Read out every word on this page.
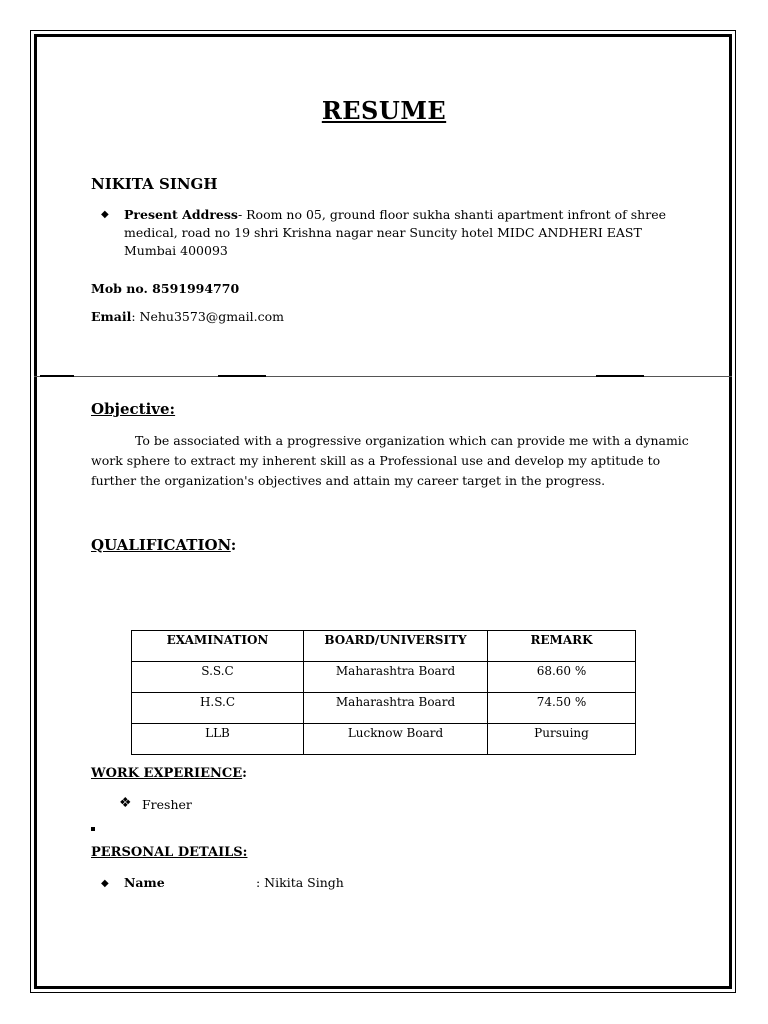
RESUME
NIKITA SINGH
◆ Present Address- Room no 05, ground floor sukha shanti apartment infront of shree medical, road no 19 shri Krishna nagar near Suncity hotel MIDC ANDHERI EAST Mumbai 400093
Mob no. 8591994770
Email: Nehu3573@gmail.com
Objective:
To be associated with a progressive organization which can provide me with a dynamic work sphere to extract my inherent skill as a Professional use and develop my aptitude to further the organization's objectives and attain my career target in the progress.
QUALIFICATION:
EXAMINATION	BOARD/UNIVERSITY	REMARK
S.S.C	Maharashtra Board	68.60 %
H.S.C	Maharashtra Board	74.50 %
LLB	Lucknow Board	Pursuing
WORK EXPERIENCE:
❖ Fresher
PERSONAL DETAILS:
◆ Name	: Nikita Singh
